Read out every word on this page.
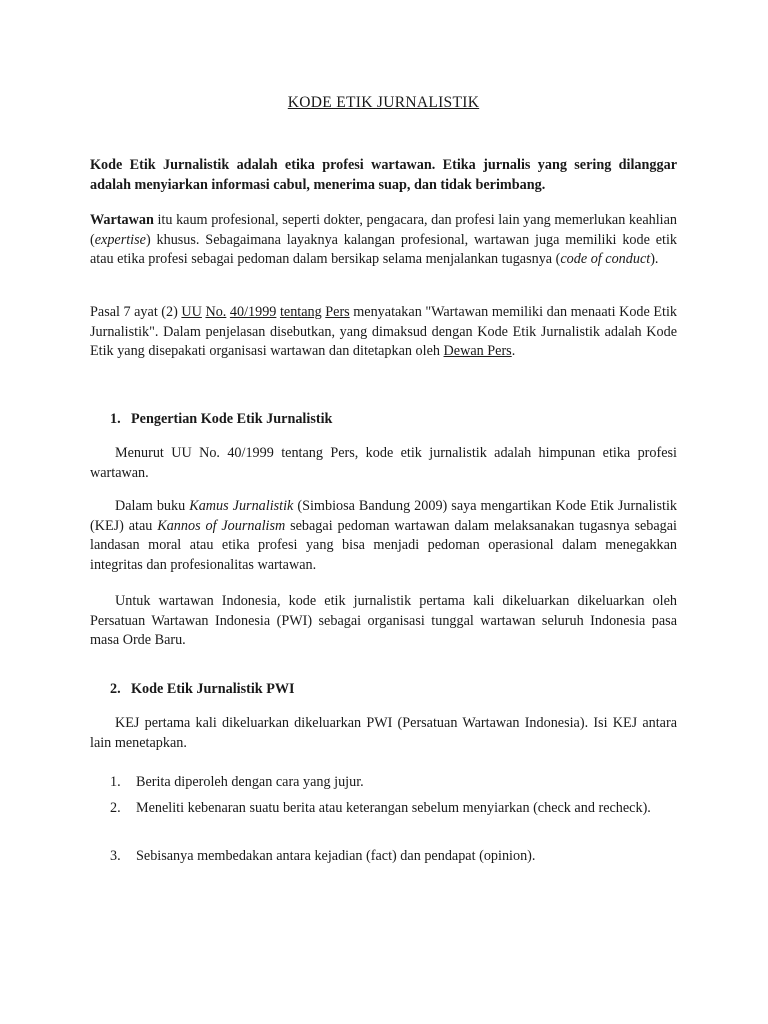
KODE ETIK JURNALISTIK
Kode Etik Jurnalistik adalah etika profesi wartawan. Etika jurnalis yang sering dilanggar adalah menyiarkan informasi cabul, menerima suap, dan tidak berimbang.
Wartawan itu kaum profesional, seperti dokter, pengacara, dan profesi lain yang memerlukan keahlian (expertise) khusus. Sebagaimana layaknya kalangan profesional, wartawan juga memiliki kode etik atau etika profesi sebagai pedoman dalam bersikap selama menjalankan tugasnya (code of conduct).
Pasal 7 ayat (2) UU No. 40/1999 tentang Pers menyatakan "Wartawan memiliki dan menaati Kode Etik Jurnalistik". Dalam penjelasan disebutkan, yang dimaksud dengan Kode Etik Jurnalistik adalah Kode Etik yang disepakati organisasi wartawan dan ditetapkan oleh Dewan Pers.
1. Pengertian Kode Etik Jurnalistik
Menurut UU No. 40/1999 tentang Pers, kode etik jurnalistik adalah himpunan etika profesi wartawan.
Dalam buku Kamus Jurnalistik (Simbiosa Bandung 2009) saya mengartikan Kode Etik Jurnalistik (KEJ) atau Kannos of Journalism sebagai pedoman wartawan dalam melaksanakan tugasnya sebagai landasan moral atau etika profesi yang bisa menjadi pedoman operasional dalam menegakkan integritas dan profesionalitas wartawan.
Untuk wartawan Indonesia, kode etik jurnalistik pertama kali dikeluarkan dikeluarkan oleh Persatuan Wartawan Indonesia (PWI) sebagai organisasi tunggal wartawan seluruh Indonesia pasa masa Orde Baru.
2. Kode Etik Jurnalistik PWI
KEJ pertama kali dikeluarkan dikeluarkan PWI (Persatuan Wartawan Indonesia). Isi KEJ antara lain menetapkan.
1. Berita diperoleh dengan cara yang jujur.
2. Meneliti kebenaran suatu berita atau keterangan sebelum menyiarkan (check and recheck).
3. Sebisanya membedakan antara kejadian (fact) dan pendapat (opinion).
